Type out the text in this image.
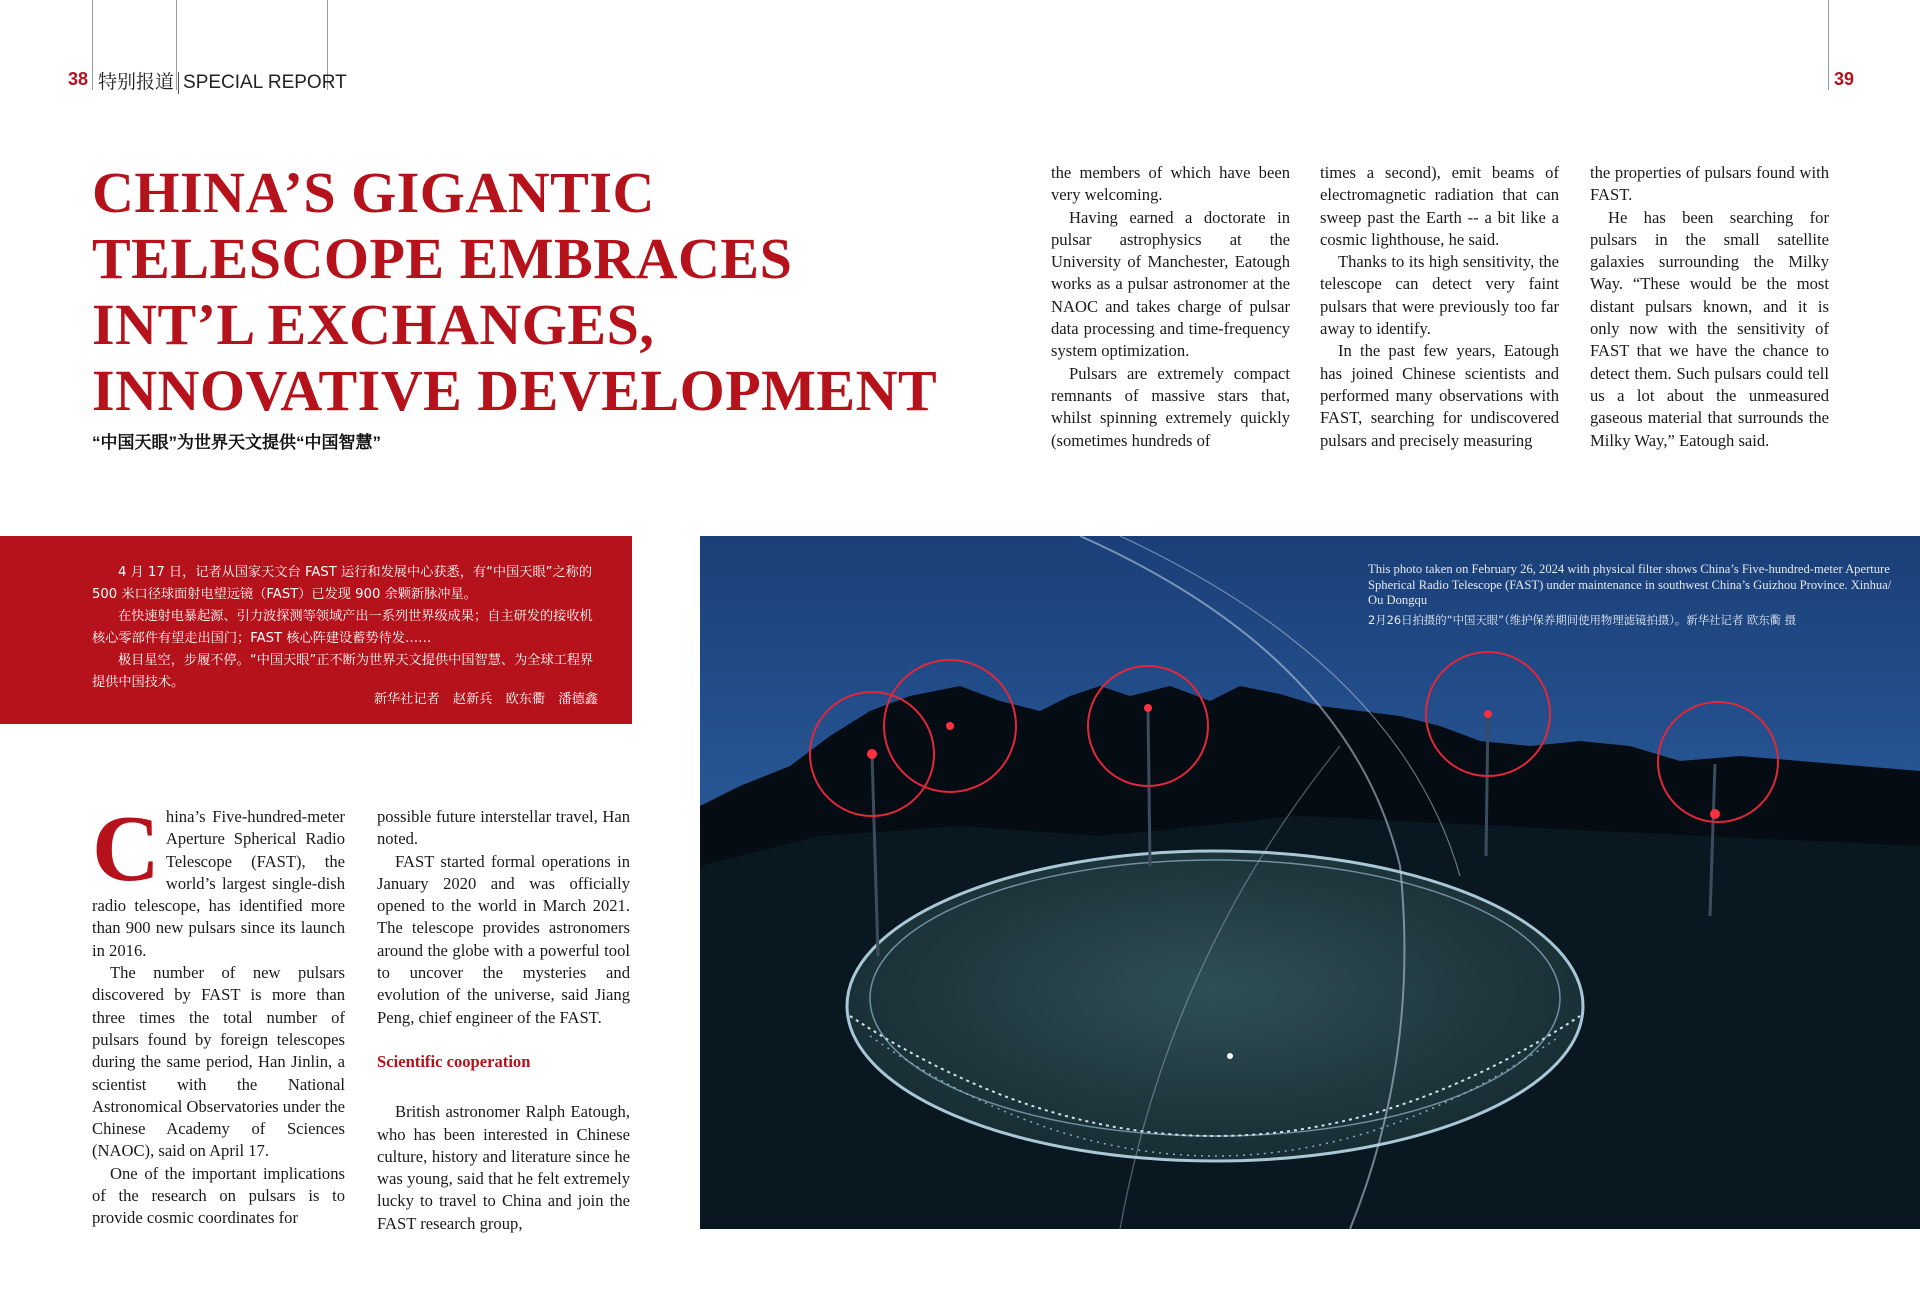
38 特别报道 SPECIAL REPORT	39
CHINA’S GIGANTIC
TELESCOPE EMBRACES
INT’L EXCHANGES,
INNOVATIVE DEVELOPMENT
“中国天眼”为世界天文提供“中国智慧”

4 月 17 日，记者从国家天文台 FAST 运行和发展中心获悉，有“中国天眼”之称的 500 米口径球面射电望远镜（FAST）已发现 900 余颗新脉冲星。

在快速射电暴起源、引力波探测等领域产出一系列世界级成果；自主研发的接收机核心零部件有望走出国门；FAST 核心阵建设蓄势待发……

极目星空，步履不停。“中国天眼”正不断为世界天文提供中国智慧、为全球工程界提供中国技术。

新华社记者　赵新兵　欧东衢　潘德鑫
C hina’s Five-hundred-meter Aperture Spherical Radio Telescope (FAST), the world’s largest single-dish radio telescope, has identified more than 900 new pulsars since its launch in 2016.

The number of new pulsars discovered by FAST is more than three times the total number of pulsars found by foreign telescopes during the same period, Han Jinlin, a scientist with the National Astronomical Observatories under the Chinese Academy of Sciences (NAOC), said on April 17.

One of the important implications of the research on pulsars is to provide cosmic coordinates for

possible future interstellar travel, Han noted.

FAST started formal operations in January 2020 and was officially opened to the world in March 2021. The telescope provides astronomers around the globe with a powerful tool to uncover the mysteries and evolution of the universe, said Jiang Peng, chief engineer of the FAST.

Scientific cooperation

British astronomer Ralph Eatough, who has been interested in Chinese culture, history and literature since he was young, said that he felt extremely lucky to travel to China and join the FAST research group,

the members of which have been very welcoming.

Having earned a doctorate in pulsar astrophysics at the University of Manchester, Eatough works as a pulsar astronomer at the NAOC and takes charge of pulsar data processing and time-frequency system optimization.

Pulsars are extremely compact remnants of massive stars that, whilst spinning extremely quickly (sometimes hundreds of

times a second), emit beams of electromagnetic radiation that can sweep past the Earth -- a bit like a cosmic lighthouse, he said.

Thanks to its high sensitivity, the telescope can detect very faint pulsars that were previously too far away to identify.

In the past few years, Eatough has joined Chinese scientists and performed many observations with FAST, searching for undiscovered pulsars and precisely measuring

the properties of pulsars found with FAST.

He has been searching for pulsars in the small satellite galaxies surrounding the Milky Way. “These would be the most distant pulsars known, and it is only now with the sensitivity of FAST that we have the chance to detect them. Such pulsars could tell us a lot about the unmeasured gaseous material that surrounds the Milky Way,” Eatough said.

This photo taken on February 26, 2024 with physical filter shows China’s Five-hundred-meter Aperture Spherical Radio Telescope (FAST) under maintenance in southwest China’s Guizhou Province. Xinhua/ Ou Dongqu
2月26日拍摄的“中国天眼”（维护保养期间使用物理滤镜拍摄）。新华社记者 欧东衢 摄
